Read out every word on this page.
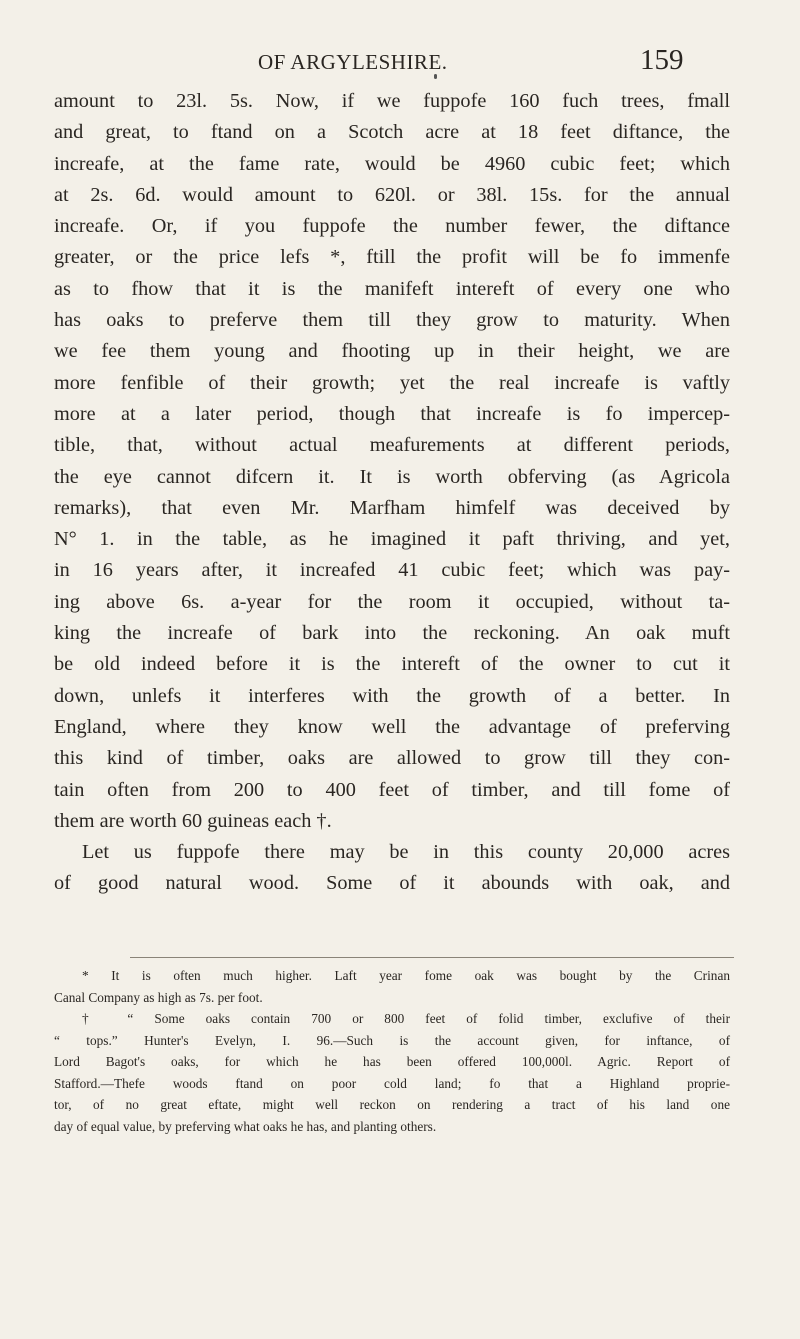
OF ARGYLESHIRE.	159
amount to 23l. 5s. Now, if we fuppofe 160 fuch trees, fmall
and great, to ftand on a Scotch acre at 18 feet diftance, the
increafe, at the fame rate, would be 4960 cubic feet; which
at 2s. 6d. would amount to 620l. or 38l. 15s. for the annual
increafe. Or, if you fuppofe the number fewer, the diftance
greater, or the price lefs *, ftill the profit will be fo immenfe
as to fhow that it is the manifeft intereft of every one who
has oaks to preferve them till they grow to maturity. When
we fee them young and fhooting up in their height, we are
more fenfible of their growth; yet the real increafe is vaftly
more at a later period, though that increafe is fo impercep-
tible, that, without actual meafurements at different periods,
the eye cannot difcern it. It is worth obferving (as Agricola
remarks), that even Mr. Marfham himfelf was deceived by
N° 1. in the table, as he imagined it paft thriving, and yet,
in 16 years after, it increafed 41 cubic feet; which was pay-
ing above 6s. a-year for the room it occupied, without ta-
king the increafe of bark into the reckoning. An oak muft
be old indeed before it is the intereft of the owner to cut it
down, unlefs it interferes with the growth of a better. In
England, where they know well the advantage of preferving
this kind of timber, oaks are allowed to grow till they con-
tain often from 200 to 400 feet of timber, and till fome of
them are worth 60 guineas each †.
Let us fuppofe there may be in this county 20,000 acres
of good natural wood. Some of it abounds with oak, and
* It is often much higher. Laft year fome oak was bought by the Crinan
Canal Company as high as 7s. per foot.
† “ Some oaks contain 700 or 800 feet of folid timber, exclufive of their
“ tops.” Hunter's Evelyn, I. 96.—Such is the account given, for inftance, of
Lord Bagot's oaks, for which he has been offered 100,000l. Agric. Report of
Stafford.—Thefe woods ftand on poor cold land; fo that a Highland proprie-
tor, of no great eftate, might well reckon on rendering a tract of his land one
day of equal value, by preferving what oaks he has, and planting others.
